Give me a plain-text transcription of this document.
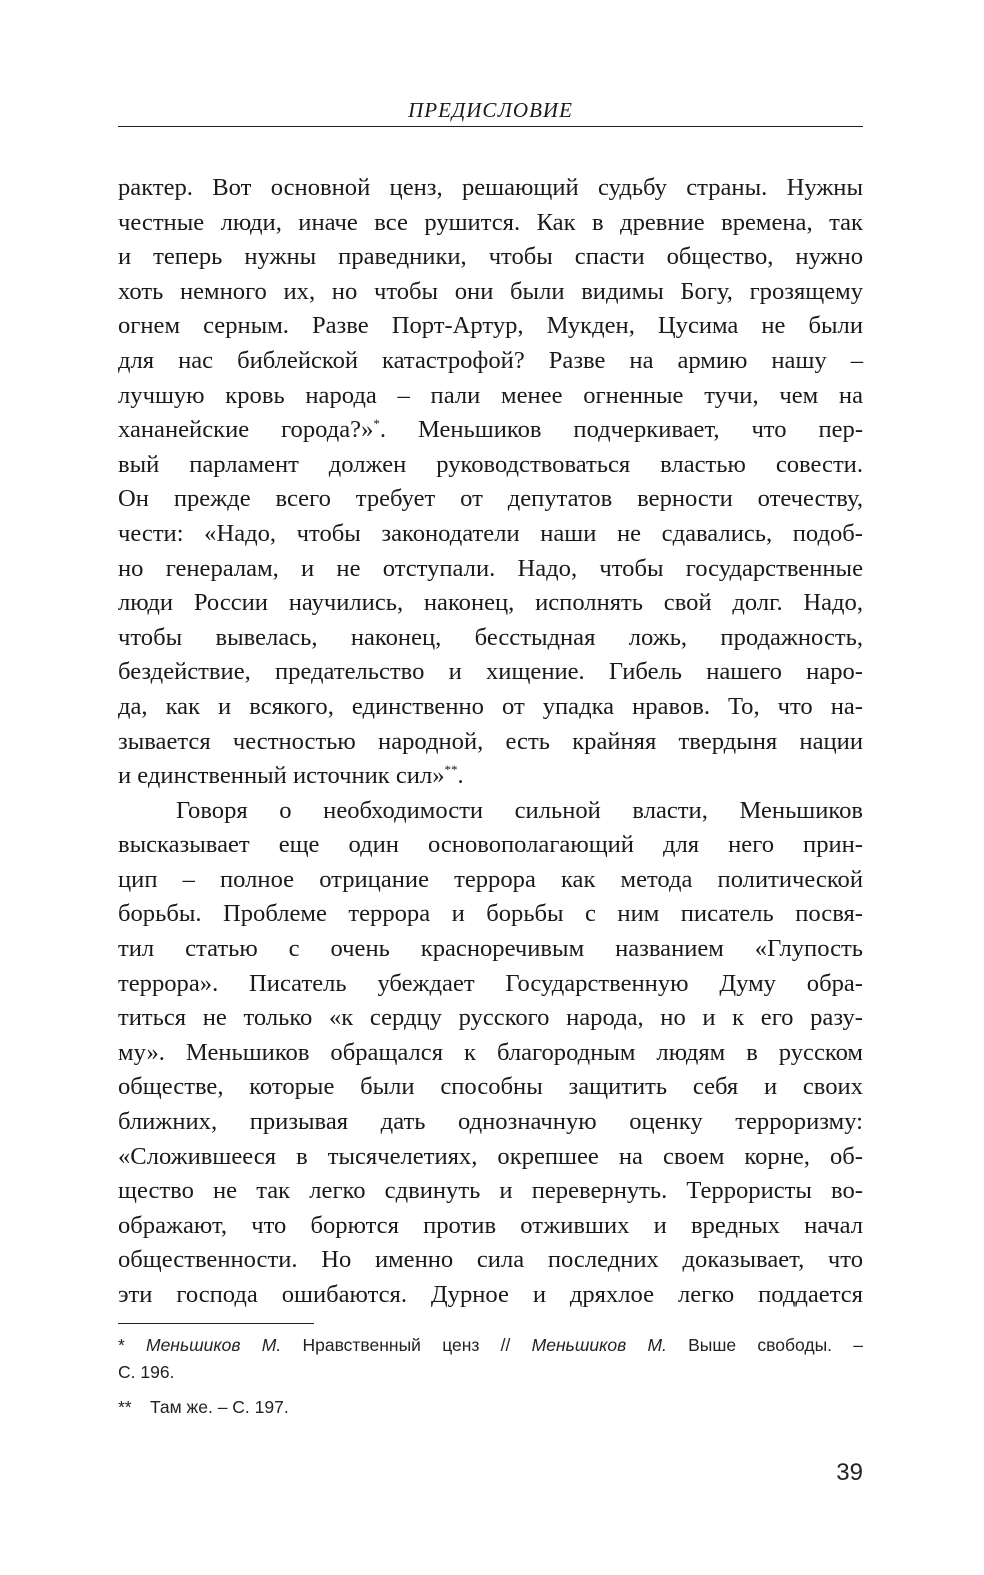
ПРЕДИСЛОВИЕ
рактер. Вот основной ценз, решающий судьбу страны. Нужны
честные люди, иначе все рушится. Как в древние времена, так
и теперь нужны праведники, чтобы спасти общество, нужно
хоть немного их, но чтобы они были видимы Богу, грозящему
огнем серным. Разве Порт-Артур, Мукден, Цусима не были
для нас библейской катастрофой? Разве на армию нашу –
лучшую кровь народа – пали менее огненные тучи, чем на
хананейские города?»*. Меньшиков подчеркивает, что пер-
вый парламент должен руководствоваться властью совести.
Он прежде всего требует от депутатов верности отечеству,
чести: «Надо, чтобы законодатели наши не сдавались, подоб-
но генералам, и не отступали. Надо, чтобы государственные
люди России научились, наконец, исполнять свой долг. Надо,
чтобы вывелась, наконец, бесстыдная ложь, продажность,
бездействие, предательство и хищение. Гибель нашего наро-
да, как и всякого, единственно от упадка нравов. То, что на-
зывается честностью народной, есть крайняя твердыня нации
и единственный источник сил»**.
Говоря о необходимости сильной власти, Меньшиков
высказывает еще один основополагающий для него прин-
цип – полное отрицание террора как метода политической
борьбы. Проблеме террора и борьбы с ним писатель посвя-
тил статью с очень красноречивым названием «Глупость
террора». Писатель убеждает Государственную Думу обра-
титься не только «к сердцу русского народа, но и к его разу-
му». Меньшиков обращался к благородным людям в русском
обществе, которые были способны защитить себя и своих
ближних, призывая дать однозначную оценку терроризму:
«Сложившееся в тысячелетиях, окрепшее на своем корне, об-
щество не так легко сдвинуть и перевернуть. Террористы во-
ображают, что борются против отживших и вредных начал
общественности. Но именно сила последних доказывает, что
эти господа ошибаются. Дурное и дряхлое легко поддается
* Меньшиков М. Нравственный ценз // Меньшиков М. Выше свободы. –
С. 196.
** Там же. – С. 197.
39
